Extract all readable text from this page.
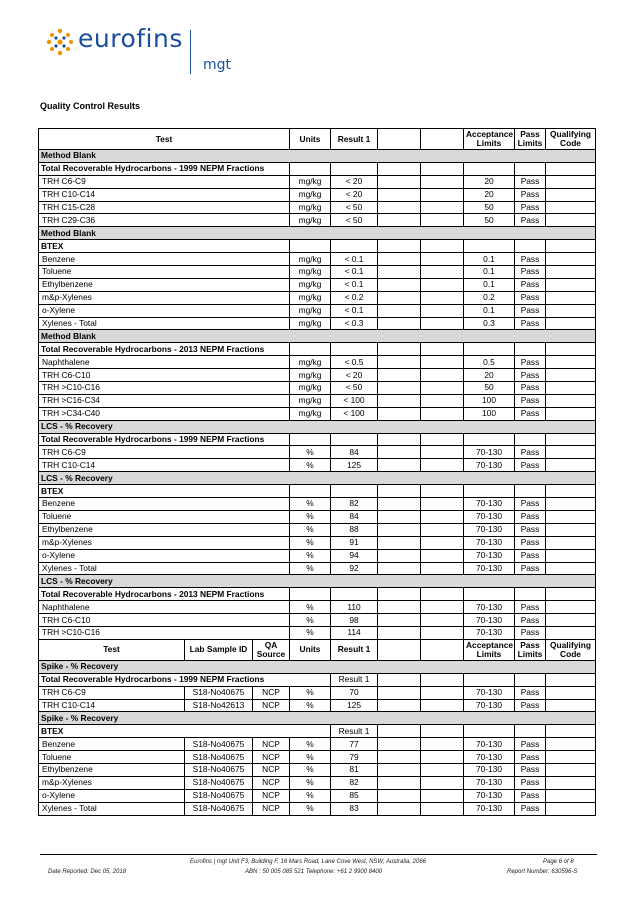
eurofins
mgt
Quality Control Results
Test			Units	Result 1			Acceptance Limits	Pass Limits	Qualifying Code
Method Blank									
Total Recoverable Hydrocarbons - 1999 NEPM Fractions									
TRH C6-C9			mg/kg	< 20			20	Pass	
TRH C10-C14			mg/kg	< 20			20	Pass	
TRH C15-C28			mg/kg	< 50			50	Pass	
TRH C29-C36			mg/kg	< 50			50	Pass	
Method Blank									
BTEX									
Benzene			mg/kg	< 0.1			0.1	Pass	
Toluene			mg/kg	< 0.1			0.1	Pass	
Ethylbenzene			mg/kg	< 0.1			0.1	Pass	
m&p-Xylenes			mg/kg	< 0.2			0.2	Pass	
o-Xylene			mg/kg	< 0.1			0.1	Pass	
Xylenes - Total			mg/kg	< 0.3			0.3	Pass	
Method Blank									
Total Recoverable Hydrocarbons - 2013 NEPM Fractions									
Naphthalene			mg/kg	< 0.5			0.5	Pass	
TRH C6-C10			mg/kg	< 20			20	Pass	
TRH >C10-C16			mg/kg	< 50			50	Pass	
TRH >C16-C34			mg/kg	< 100			100	Pass	
TRH >C34-C40			mg/kg	< 100			100	Pass	
LCS - % Recovery									
Total Recoverable Hydrocarbons - 1999 NEPM Fractions									
TRH C6-C9			%	84			70-130	Pass	
TRH C10-C14			%	125			70-130	Pass	
LCS - % Recovery									
BTEX									
Benzene			%	82			70-130	Pass	
Toluene			%	84			70-130	Pass	
Ethylbenzene			%	88			70-130	Pass	
m&p-Xylenes			%	91			70-130	Pass	
o-Xylene			%	94			70-130	Pass	
Xylenes - Total			%	92			70-130	Pass	
LCS - % Recovery									
Total Recoverable Hydrocarbons - 2013 NEPM Fractions									
Naphthalene			%	110			70-130	Pass	
TRH C6-C10			%	98			70-130	Pass	
TRH >C10-C16			%	114			70-130	Pass	
Test	Lab Sample ID	QA Source	Units	Result 1			Acceptance Limits	Pass Limits	Qualifying Code
Spike - % Recovery									
Total Recoverable Hydrocarbons - 1999 NEPM Fractions				Result 1					
TRH C6-C9	S18-No40675	NCP	%	70			70-130	Pass	
TRH C10-C14	S18-No42613	NCP	%	125			70-130	Pass	
Spike - % Recovery									
BTEX				Result 1					
Benzene	S18-No40675	NCP	%	77			70-130	Pass	
Toluene	S18-No40675	NCP	%	79			70-130	Pass	
Ethylbenzene	S18-No40675	NCP	%	81			70-130	Pass	
m&p-Xylenes	S18-No40675	NCP	%	82			70-130	Pass	
o-Xylene	S18-No40675	NCP	%	85			70-130	Pass	
Xylenes - Total	S18-No40675	NCP	%	83			70-130	Pass	
Eurofins | mgt Unit F3, Building F, 16 Mars Road, Lane Cove West, NSW, Australia, 2066	Page 6 of 8
Date Reported: Dec 05, 2018	ABN : 50 005 085 521 Telephone: +61 2 9900 8400	Report Number: 630596-S
